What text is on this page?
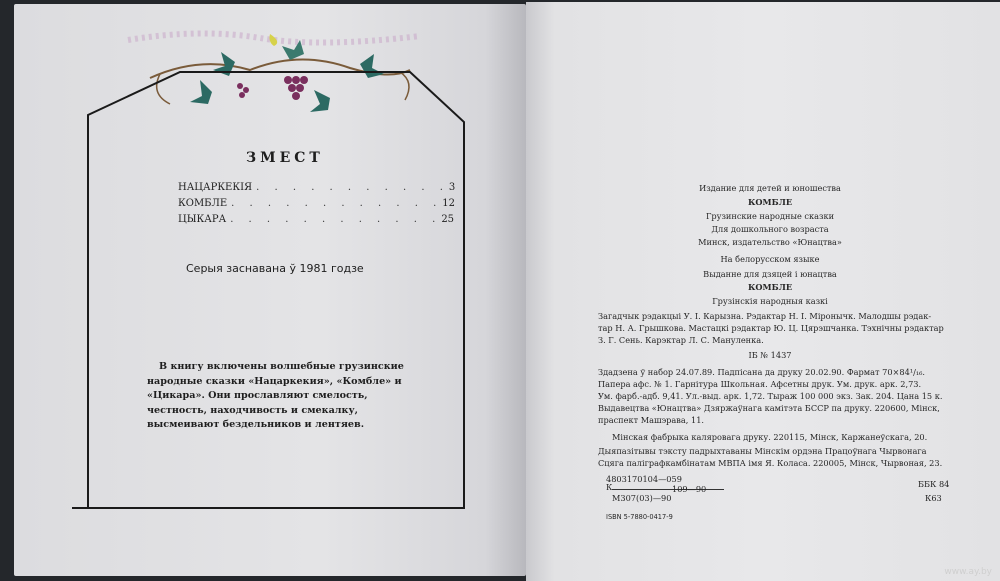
ЗМЕСТ
НАЦАРКЕКІЯ . . . . . . . . . . . 3
КОМБЛЕ . . . . . . . . . . . . 12
ЦЫКАРА . . . . . . . . . . . . 25
Серыя заснавана ў 1981 годзе
В книгу включены волшебные грузинские народные сказки «Нацаркекия», «Комбле» и «Цикара». Они прославляют смелость, честность, находчивость и смекалку, высмеивают бездельников и лентяев.
Издание для детей и юношества
КОМБЛЕ
Грузинские народные сказки
Для дошкольного возраста
Минск, издательство «Юнацтва»
На белорусском языке
Выданне для дзяцей і юнацтва
КОМБЛЕ
Грузінскія народныя казкі
Загадчык рэдакцыі У. І. Карызна. Рэдактар Н. І. Міронычк. Малодшы рэдак-
тар Н. А. Грышкова. Мастацкі рэдактар Ю. Ц. Цярэшчанка. Тэхнічны рэдактар
З. Г. Сень. Карэктар Л. С. Мануленка.
ІБ № 1437
Здадзена ў набор 24.07.89. Падпісана да друку 20.02.90. Фармат 70×84¹/₁₆.
Папера афс. № 1. Гарнітура Школьная. Афсетны друк. Ум. друк. арк. 2,73.
Ум. фарб.-адб. 9,41. Ул.-выд. арк. 1,72. Тыраж 100 000 экз. Зак. 204. Цана 15 к.
Выдавецтва «Юнацтва» Дзяржаўнага камітэта БССР па друку. 220600, Мінск,
праспект Машэрава, 11.
Мінская фабрыка каляровага друку. 220115, Мінск, Каржанеўскага, 20.
Дыяпазітывы тэксту падрыхтаваны Мінскім ордэна Працоўнага Чырвонага
Сцяга паліграфкамбінатам МВПА імя Я. Коласа. 220005, Мінск, Чырвоная, 23.
4803170104—059
К	109—90
М307(03)—90
ББК 84
К63
ISBN 5-7880-0417-9
www.ay.by
